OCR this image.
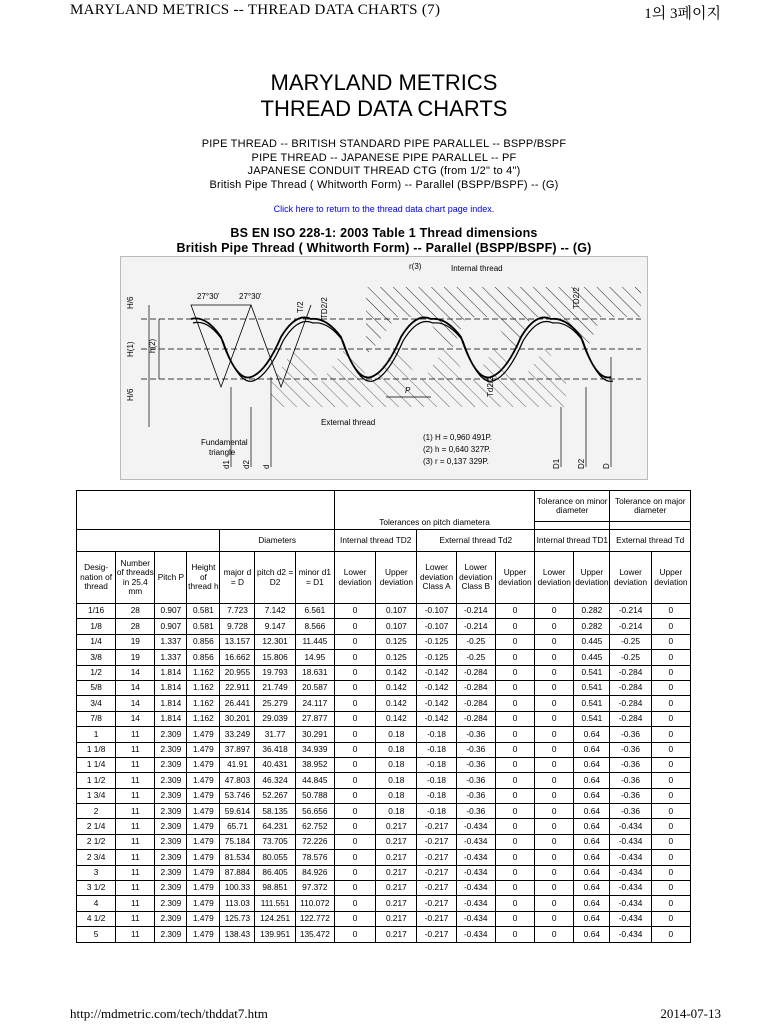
MARYLAND METRICS -- THREAD DATA CHARTS (7)	1의 3페이지
MARYLAND METRICS
THREAD DATA CHARTS
PIPE THREAD -- BRITISH STANDARD PIPE PARALLEL -- BSPP/BSPF
PIPE THREAD -- JAPANESE PIPE PARALLEL -- PF
JAPANESE CONDUIT THREAD CTG (from 1/2" to 4")
British Pipe Thread ( Whitworth Form) -- Parallel (BSPP/BSPF) -- (G)
Click here to return to the thread data chart page index.
BS EN ISO 228-1: 2003 Table 1 Thread dimensions
British Pipe Thread ( Whitworth Form) -- Parallel (BSPP/BSPF) -- (G)
27°30' 27°30'
Internal thread
External thread
Fundamental
triangle
r(3)
P
(1) H = 0,960 491P.
(2) h = 0,640 327P.
(3) r = 0,137 329P.
H/6
H(1) h(2)
H/6
T/2 TD2/2	TD2/2
Td2/2
d1 d2 d	D1 D2 D
							Tolerances on pitch diametera					Tolerance on minor diameter		Tolerance on major diameter	

				Diameters			Internal thread TD2		External thread Td2			Internal thread TD1		External thread Td	
Desig-nation of thread	Number of threads in 25.4 mm	Pitch P	Height of thread h	major d = D	pitch d2 = D2	minor d1 = D1	Lower deviation	Upper deviation	Lower deviation Class A	Lower deviation Class B	Upper deviation	Lower deviation	Upper deviation	Lower deviation	Upper deviation
1/16	28	0.907	0.581	7.723	7.142	6.561	0	0.107	-0.107	-0.214	0	0	0.282	-0.214	0
1/8	28	0.907	0.581	9.728	9.147	8.566	0	0.107	-0.107	-0.214	0	0	0.282	-0.214	0
1/4	19	1.337	0.856	13.157	12.301	11.445	0	0.125	-0.125	-0.25	0	0	0.445	-0.25	0
3/8	19	1.337	0.856	16.662	15.806	14.95	0	0.125	-0.125	-0.25	0	0	0.445	-0.25	0
1/2	14	1.814	1.162	20.955	19.793	18.631	0	0.142	-0.142	-0.284	0	0	0.541	-0.284	0
5/8	14	1.814	1.162	22.911	21.749	20.587	0	0.142	-0.142	-0.284	0	0	0.541	-0.284	0
3/4	14	1.814	1.162	26.441	25.279	24.117	0	0.142	-0.142	-0.284	0	0	0.541	-0.284	0
7/8	14	1.814	1.162	30.201	29.039	27.877	0	0.142	-0.142	-0.284	0	0	0.541	-0.284	0
1	11	2.309	1.479	33.249	31.77	30.291	0	0.18	-0.18	-0.36	0	0	0.64	-0.36	0
1 1/8	11	2.309	1.479	37.897	36.418	34.939	0	0.18	-0.18	-0.36	0	0	0.64	-0.36	0
1 1/4	11	2.309	1.479	41.91	40.431	38.952	0	0.18	-0.18	-0.36	0	0	0.64	-0.36	0
1 1/2	11	2.309	1.479	47.803	46.324	44.845	0	0.18	-0.18	-0.36	0	0	0.64	-0.36	0
1 3/4	11	2.309	1.479	53.746	52.267	50.788	0	0.18	-0.18	-0.36	0	0	0.64	-0.36	0
2	11	2.309	1.479	59.614	58.135	56.656	0	0.18	-0.18	-0.36	0	0	0.64	-0.36	0
2 1/4	11	2.309	1.479	65.71	64.231	62.752	0	0.217	-0.217	-0.434	0	0	0.64	-0.434	0
2 1/2	11	2.309	1.479	75.184	73.705	72.226	0	0.217	-0.217	-0.434	0	0	0.64	-0.434	0
2 3/4	11	2.309	1.479	81.534	80.055	78.576	0	0.217	-0.217	-0.434	0	0	0.64	-0.434	0
3	11	2.309	1.479	87.884	86.405	84.926	0	0.217	-0.217	-0.434	0	0	0.64	-0.434	0
3 1/2	11	2.309	1.479	100.33	98.851	97.372	0	0.217	-0.217	-0.434	0	0	0.64	-0.434	0
4	11	2.309	1.479	113.03	111.551	110.072	0	0.217	-0.217	-0.434	0	0	0.64	-0.434	0
4 1/2	11	2.309	1.479	125.73	124.251	122.772	0	0.217	-0.217	-0.434	0	0	0.64	-0.434	0
5	11	2.309	1.479	138.43	139.951	135.472	0	0.217	-0.217	-0.434	0	0	0.64	-0.434	0
http://mdmetric.com/tech/thddat7.htm	2014-07-13
